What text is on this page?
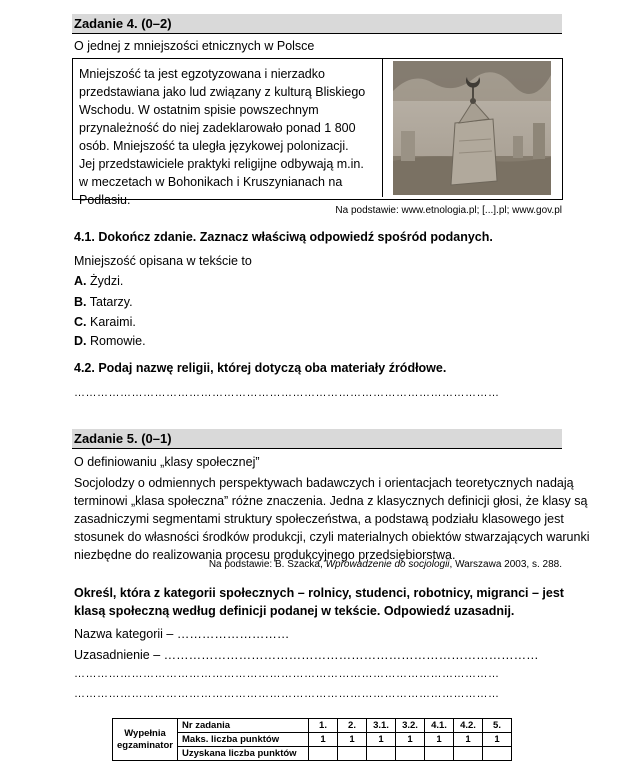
Zadanie 4. (0–2)
O jednej z mniejszości etnicznych w Polsce
Mniejszość ta jest egzotyzowana i nierzadko
przedstawiana jako lud związany z kulturą Bliskiego
Wschodu. W ostatnim spisie powszechnym
przynależność do niej zadeklarowało ponad 1 800
osób. Mniejszość ta uległa językowej polonizacji.
Jej przedstawiciele praktyki religijne odbywają m.in.
w meczetach w Bohonikach i Kruszynianach na
Podlasiu.
Na podstawie: www.etnologia.pl; [...].pl; www.gov.pl
4.1. Dokończ zdanie. Zaznacz właściwą odpowiedź spośród podanych.
Mniejszość opisana w tekście to
A. Żydzi.
B. Tatarzy.
C. Karaimi.
D. Romowie.
4.2. Podaj nazwę religii, której dotyczą oba materiały źródłowe.
…………………………………………………………………………………………………
Zadanie 5. (0–1)
O definiowaniu „klasy społecznej”
Socjolodzy o odmiennych perspektywach badawczych i orientacjach teoretycznych nadają
terminowi „klasa społeczna” różne znaczenia. Jedna z klasycznych definicji głosi, że klasy są
zasadniczymi segmentami struktury społeczeństwa, a podstawą podziału klasowego jest
stosunek do własności środków produkcji, czyli materialnych obiektów stwarzających warunki
niezbędne do realizowania procesu produkcyjnego przedsiębiorstwa.
Na podstawie: B. Szacka, Wprowadzenie do socjologii, Warszawa 2003, s. 288.
Określ, która z kategorii społecznych – rolnicy, studenci, robotnicy, migranci – jest
klasą społeczną według definicji podanej w tekście. Odpowiedź uzasadnij.
Nazwa kategorii – ………………………
Uzasadnienie – ………………………………………………………………………………
…………………………………………………………………………………………………
…………………………………………………………………………………………………
Wypełnia
egzaminator	Nr zadania	1.	2.	3.1.	3.2.	4.1.	4.2.	5.
	Maks. liczba punktów	1	1	1	1	1	1	1
	Uzyskana liczba punktów							
